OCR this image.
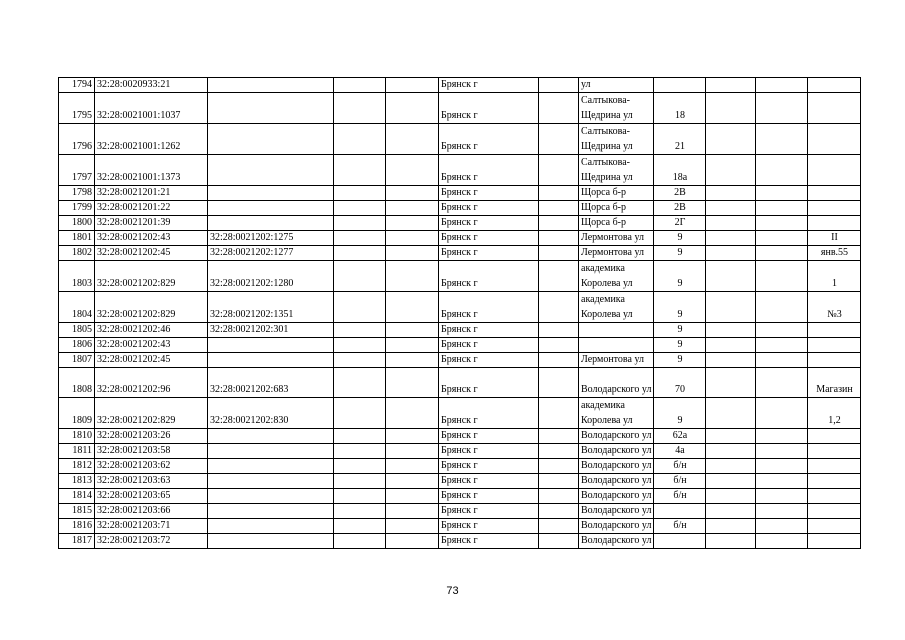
1794	32:28:0020933:21				Брянск г		ул				
1795	32:28:0021001:1037				Брянск г		Салтыкова-Щедрина ул	18			
1796	32:28:0021001:1262				Брянск г		Салтыкова-Щедрина ул	21			
1797	32:28:0021001:1373				Брянск г		Салтыкова-Щедрина ул	18а			
1798	32:28:0021201:21				Брянск г		Щорса б-р	2В			
1799	32:28:0021201:22				Брянск г		Щорса б-р	2В			
1800	32:28:0021201:39				Брянск г		Щорса б-р	2Г			
1801	32:28:0021202:43	32:28:0021202:1275			Брянск г		Лермонтова ул	9			II
1802	32:28:0021202:45	32:28:0021202:1277			Брянск г		Лермонтова ул	9			янв.55
1803	32:28:0021202:829	32:28:0021202:1280			Брянск г		академика Королева ул	9			1
1804	32:28:0021202:829	32:28:0021202:1351			Брянск г		академика Королева ул	9			№3
1805	32:28:0021202:46	32:28:0021202:301			Брянск г			9			
1806	32:28:0021202:43				Брянск г			9			
1807	32:28:0021202:45				Брянск г		Лермонтова ул	9			
1808	32:28:0021202:96	32:28:0021202:683			Брянск г		Володарского ул	70			Магазин
1809	32:28:0021202:829	32:28:0021202:830			Брянск г		академика Королева ул	9			1,2
1810	32:28:0021203:26				Брянск г		Володарского ул	62а			
1811	32:28:0021203:58				Брянск г		Володарского ул	4а			
1812	32:28:0021203:62				Брянск г		Володарского ул	б/н			
1813	32:28:0021203:63				Брянск г		Володарского ул	б/н			
1814	32:28:0021203:65				Брянск г		Володарского ул	б/н			
1815	32:28:0021203:66				Брянск г		Володарского ул				
1816	32:28:0021203:71				Брянск г		Володарского ул	б/н			
1817	32:28:0021203:72				Брянск г		Володарского ул				
73
